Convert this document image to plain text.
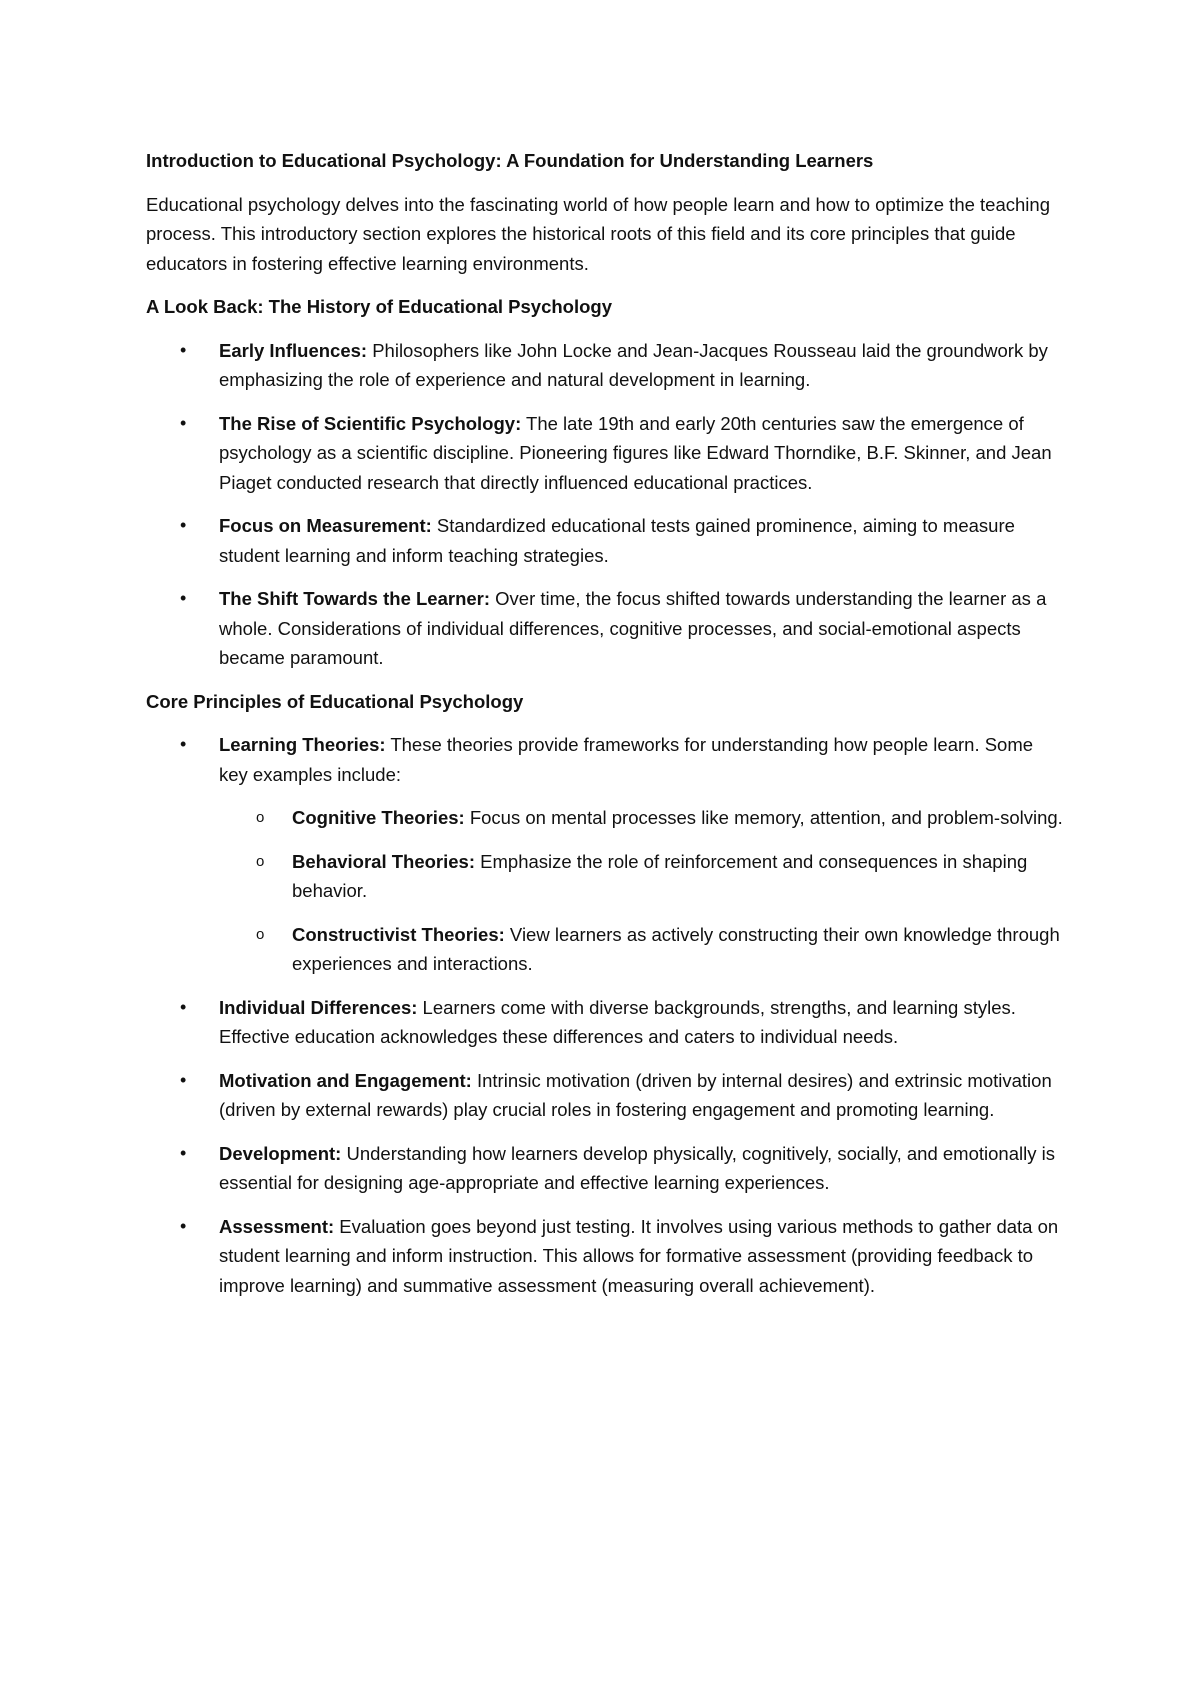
Introduction to Educational Psychology: A Foundation for Understanding Learners
Educational psychology delves into the fascinating world of how people learn and how to optimize the teaching process. This introductory section explores the historical roots of this field and its core principles that guide educators in fostering effective learning environments.
A Look Back: The History of Educational Psychology
• Early Influences: Philosophers like John Locke and Jean-Jacques Rousseau laid the groundwork by emphasizing the role of experience and natural development in learning.
• The Rise of Scientific Psychology: The late 19th and early 20th centuries saw the emergence of psychology as a scientific discipline. Pioneering figures like Edward Thorndike, B.F. Skinner, and Jean Piaget conducted research that directly influenced educational practices.
• Focus on Measurement: Standardized educational tests gained prominence, aiming to measure student learning and inform teaching strategies.
• The Shift Towards the Learner: Over time, the focus shifted towards understanding the learner as a whole. Considerations of individual differences, cognitive processes, and social-emotional aspects became paramount.
Core Principles of Educational Psychology
• Learning Theories: These theories provide frameworks for understanding how people learn. Some key examples include:
o Cognitive Theories: Focus on mental processes like memory, attention, and problem-solving.
o Behavioral Theories: Emphasize the role of reinforcement and consequences in shaping behavior.
o Constructivist Theories: View learners as actively constructing their own knowledge through experiences and interactions.
• Individual Differences: Learners come with diverse backgrounds, strengths, and learning styles. Effective education acknowledges these differences and caters to individual needs.
• Motivation and Engagement: Intrinsic motivation (driven by internal desires) and extrinsic motivation (driven by external rewards) play crucial roles in fostering engagement and promoting learning.
• Development: Understanding how learners develop physically, cognitively, socially, and emotionally is essential for designing age-appropriate and effective learning experiences.
• Assessment: Evaluation goes beyond just testing. It involves using various methods to gather data on student learning and inform instruction. This allows for formative assessment (providing feedback to improve learning) and summative assessment (measuring overall achievement).
